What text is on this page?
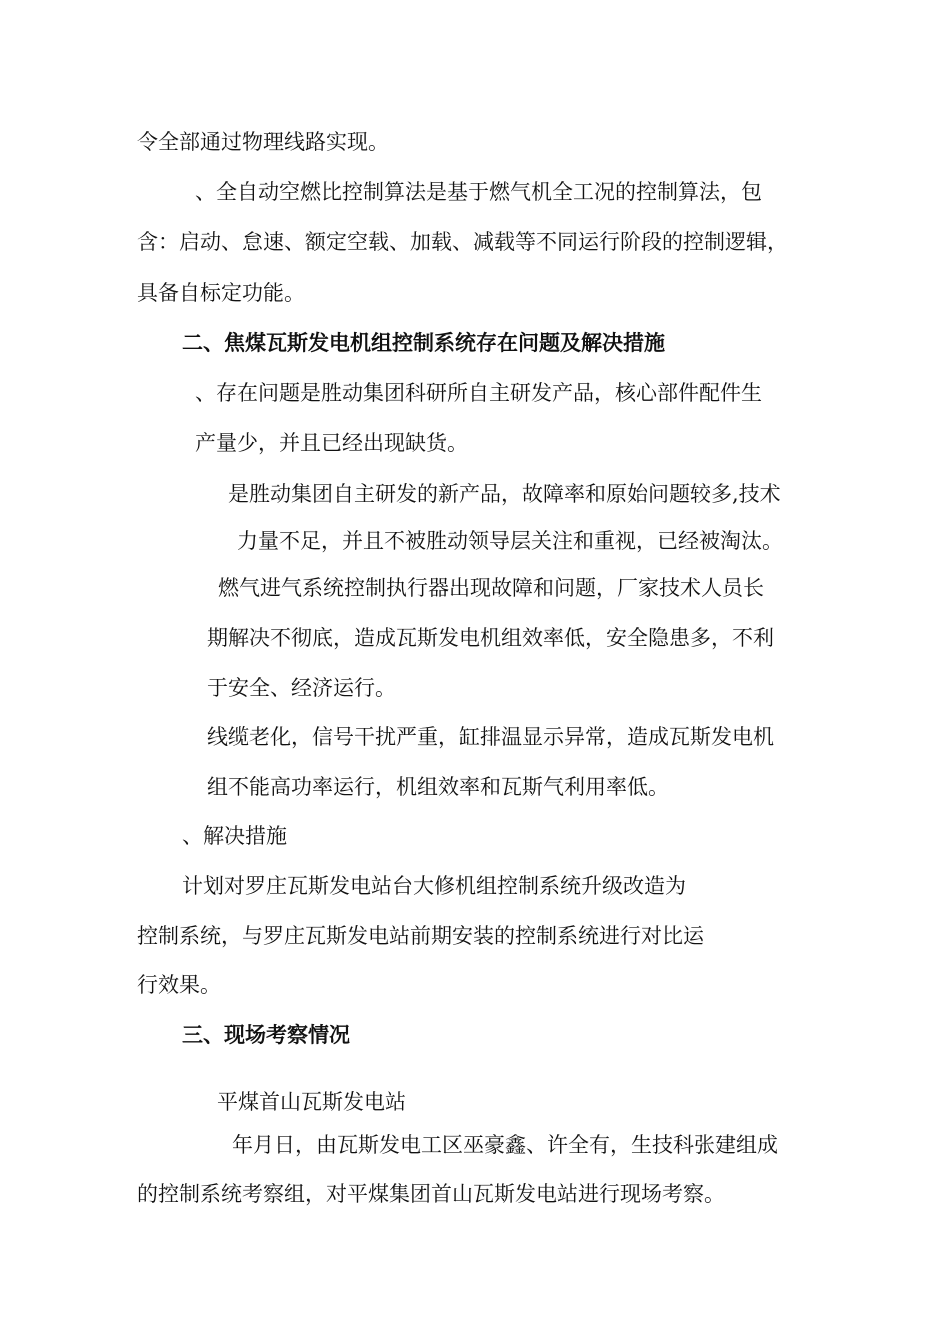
令全部通过物理线路实现。
、全自动空燃比控制算法是基于燃气机全工况的控制算法，包
含：启动、怠速、额定空载、加载、减载等不同运行阶段的控制逻辑，
具备自标定功能。
二、焦煤瓦斯发电机组控制系统存在问题及解决措施
、存在问题是胜动集团科研所自主研发产品，核心部件配件生
产量少，并且已经出现缺货。
是胜动集团自主研发的新产品，故障率和原始问题较多,技术
力量不足，并且不被胜动领导层关注和重视，已经被淘汰。
燃气进气系统控制执行器出现故障和问题，厂家技术人员长
期解决不彻底，造成瓦斯发电机组效率低，安全隐患多，不利
于安全、经济运行。
线缆老化，信号干扰严重，缸排温显示异常，造成瓦斯发电机
组不能高功率运行，机组效率和瓦斯气利用率低。
、解决措施
计划对罗庄瓦斯发电站台大修机组控制系统升级改造为
控制系统，与罗庄瓦斯发电站前期安装的控制系统进行对比运
行效果。
三、现场考察情况
平煤首山瓦斯发电站
年月日，由瓦斯发电工区巫豪鑫、许全有，生技科张建组成
的控制系统考察组，对平煤集团首山瓦斯发电站进行现场考察。
